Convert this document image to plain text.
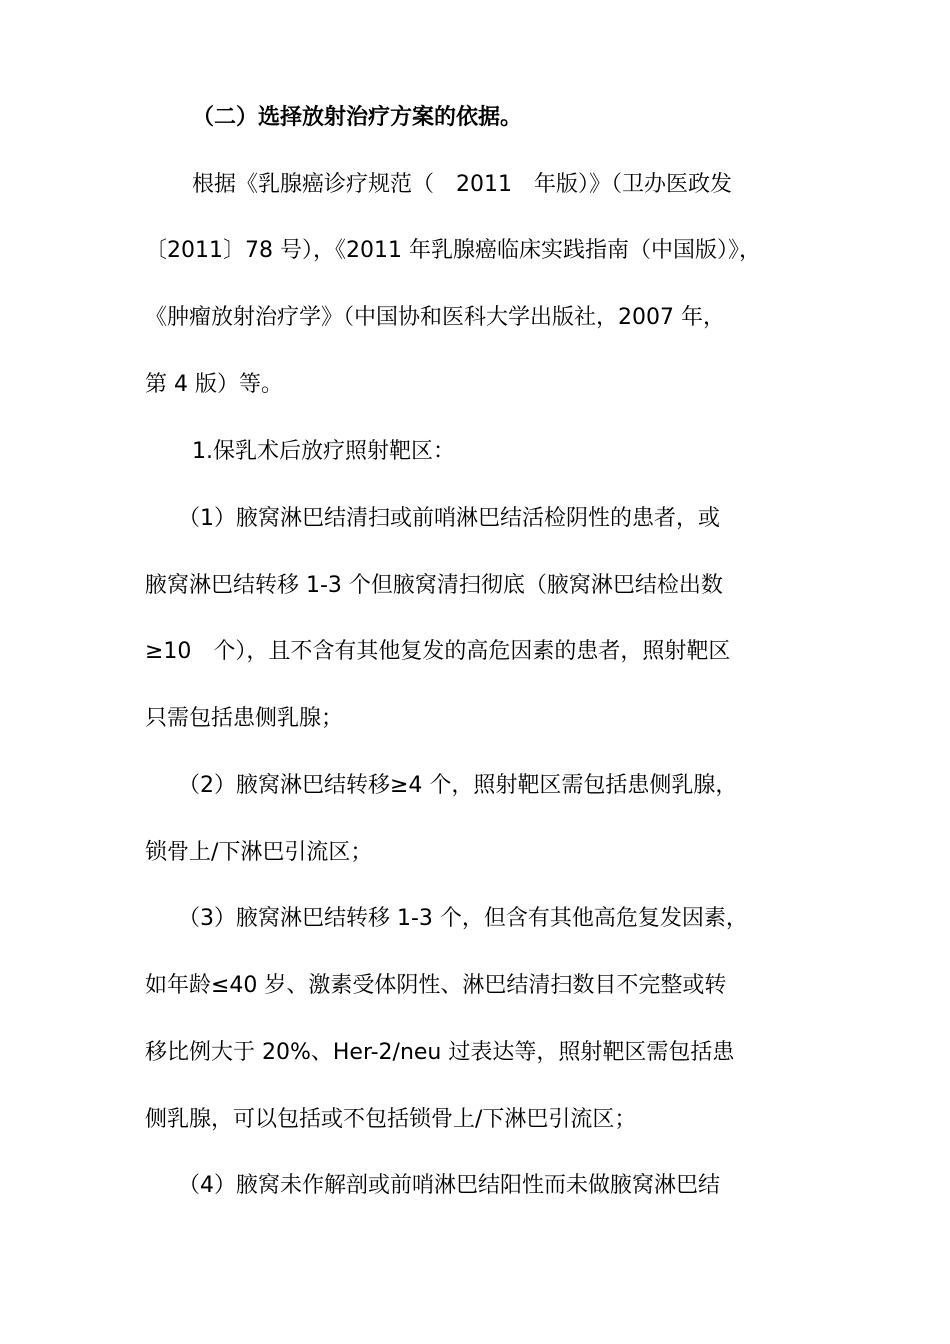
（二）选择放射治疗方案的依据。
根据《乳腺癌诊疗规范（　2011　年版）》（卫办医政发
〔2011〕78 号），《2011 年乳腺癌临床实践指南（中国版）》，
《肿瘤放射治疗学》（中国协和医科大学出版社，2007 年，
第 4 版）等。
1.保乳术后放疗照射靶区：
（1）腋窝淋巴结清扫或前哨淋巴结活检阴性的患者，或
腋窝淋巴结转移 1-3 个但腋窝清扫彻底（腋窝淋巴结检出数
≥10　个），且不含有其他复发的高危因素的患者，照射靶区
只需包括患侧乳腺；
（2）腋窝淋巴结转移≥4 个，照射靶区需包括患侧乳腺，
锁骨上/下淋巴引流区；
（3）腋窝淋巴结转移 1-3 个，但含有其他高危复发因素，
如年龄≤40 岁、激素受体阴性、淋巴结清扫数目不完整或转
移比例大于 20%、Her-2/neu 过表达等，照射靶区需包括患
侧乳腺，可以包括或不包括锁骨上/下淋巴引流区；
（4）腋窝未作解剖或前哨淋巴结阳性而未做腋窝淋巴结
